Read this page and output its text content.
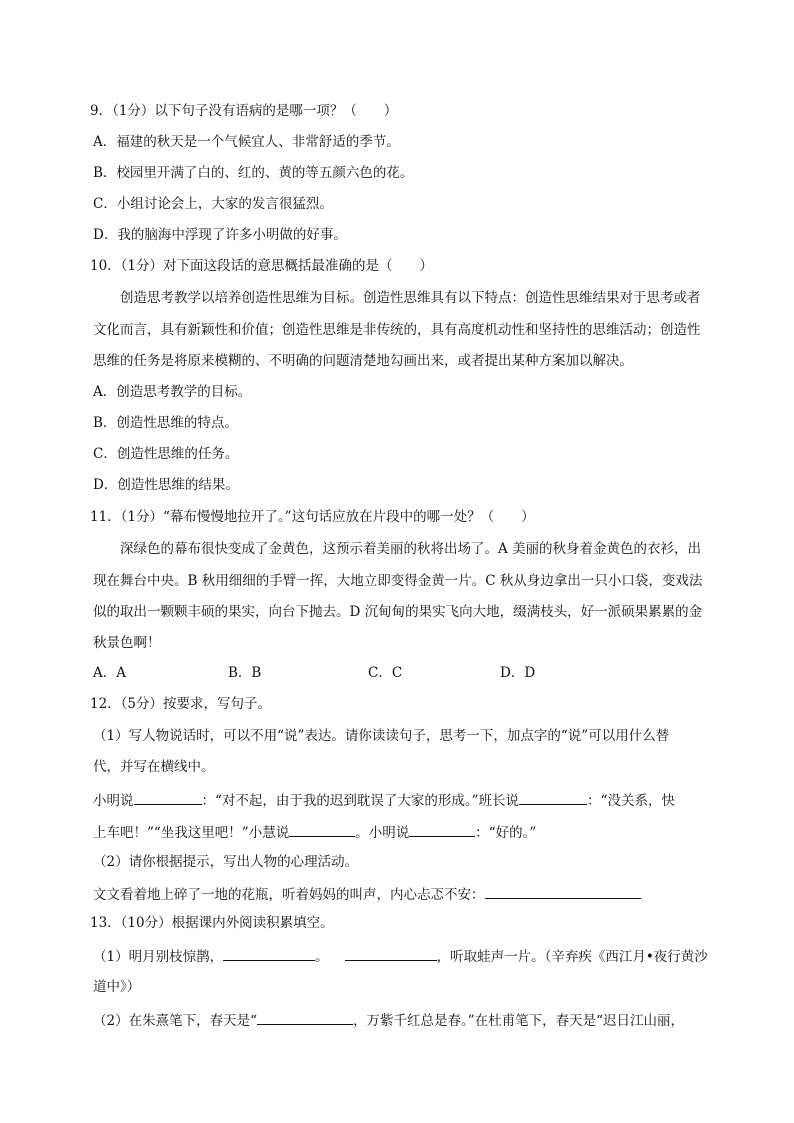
9．（1分）以下句子没有语病的是哪一项？（　　）
A．福建的秋天是一个气候宜人、非常舒适的季节。
B．校园里开满了白的、红的、黄的等五颜六色的花。
C．小组讨论会上，大家的发言很猛烈。
D．我的脑海中浮现了许多小明做的好事。
10．（1分）对下面这段话的意思概括最准确的是（　　）
创造思考教学以培养创造性思维为目标。创造性思维具有以下特点：创造性思维结果对于思考或者
文化而言，具有新颖性和价值；创造性思维是非传统的，具有高度机动性和坚持性的思维活动；创造性
思维的任务是将原来模糊的、不明确的问题清楚地勾画出来，或者提出某种方案加以解决。
A．创造思考教学的目标。
B．创造性思维的特点。
C．创造性思维的任务。
D．创造性思维的结果。
11．（1分）“幕布慢慢地拉开了。”这句话应放在片段中的哪一处？（　　）
深绿色的幕布很快变成了金黄色，这预示着美丽的秋将出场了。A 美丽的秋身着金黄色的衣衫，出
现在舞台中央。B 秋用细细的手臂一挥，大地立即变得金黄一片。C 秋从身边拿出一只小口袋，变戏法
似的取出一颗颗丰硕的果实，向台下抛去。D 沉甸甸的果实飞向大地，缀满枝头，好一派硕果累累的金
秋景色啊！
A．A	B．B	C．C	D．D
12．（5分）按要求，写句子。
（1）写人物说话时，可以不用“说”表达。请你读读句子，思考一下，加点字的“说”可以用什么替
代，并写在横线中。
小明说	：“对不起，由于我的迟到耽误了大家的形成。”班长说	：“没关系，快
上车吧！”“坐我这里吧！”小慧说	。小明说	：“好的。”
（2）请你根据提示，写出人物的心理活动。
文文看着地上碎了一地的花瓶，听着妈妈的叫声，内心忐忑不安：
13．（10分）根据课内外阅读积累填空。
（1）明月别枝惊鹊，	。	，听取蛙声一片。（辛弃疾《西江月•夜行黄沙
道中》）
（2）在朱熹笔下，春天是“	，万紫千红总是春。”在杜甫笔下，春天是“迟日江山丽，
